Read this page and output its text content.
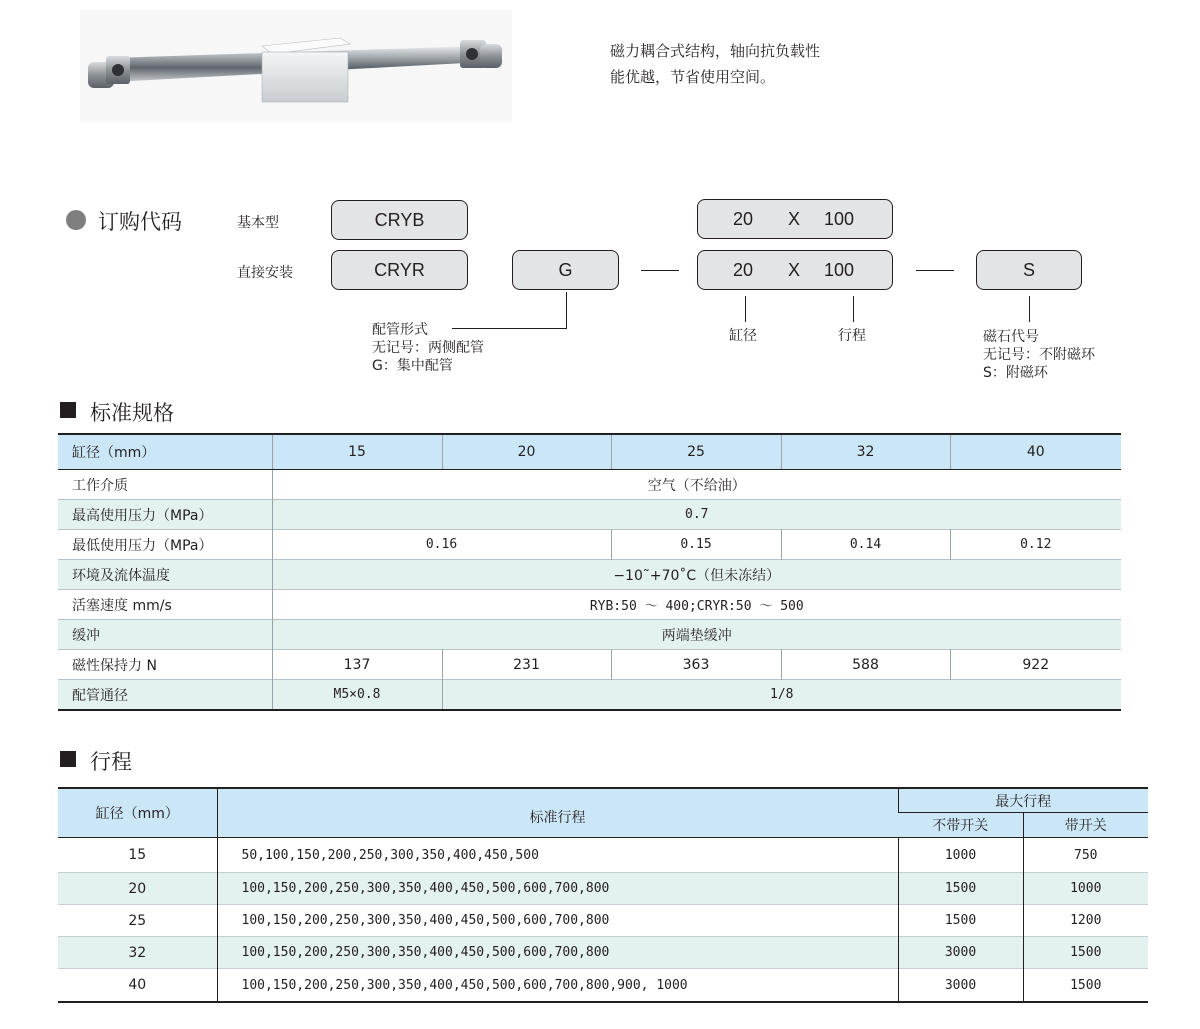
磁力耦合式结构，轴向抗负载性
能优越，节省使用空间。
订购代码	基本型
直接安装
CRYB
CRYR	G
20 X 100
20 X 100	S
配管形式
无记号：两侧配管
G：集中配管
缸径	行程	磁石代号
无记号：不附磁环
S：附磁环
标准规格
缸径（mm）	15	20	25	32	40
工作介质	空气（不给油）				
最高使用压力（MPa）	0.7				
最低使用压力（MPa）	0.16		0.15	0.14	0.12
环境及流体温度	−10˜+70˚C（但未冻结）				
活塞速度 mm/s	RYB:50 ～ 400;CRYR:50 ～ 500				
缓冲	两端垫缓冲				
磁性保持力 N	137	231	363	588	922
配管通径	M5×0.8	1/8			
行程
缸径（mm）	标准行程	最大行程	
		不带开关	带开关
15	50,100,150,200,250,300,350,400,450,500	1000	750
20	100,150,200,250,300,350,400,450,500,600,700,800	1500	1000
25	100,150,200,250,300,350,400,450,500,600,700,800	1500	1200
32	100,150,200,250,300,350,400,450,500,600,700,800	3000	1500
40	100,150,200,250,300,350,400,450,500,600,700,800,900, 1000	3000	1500
